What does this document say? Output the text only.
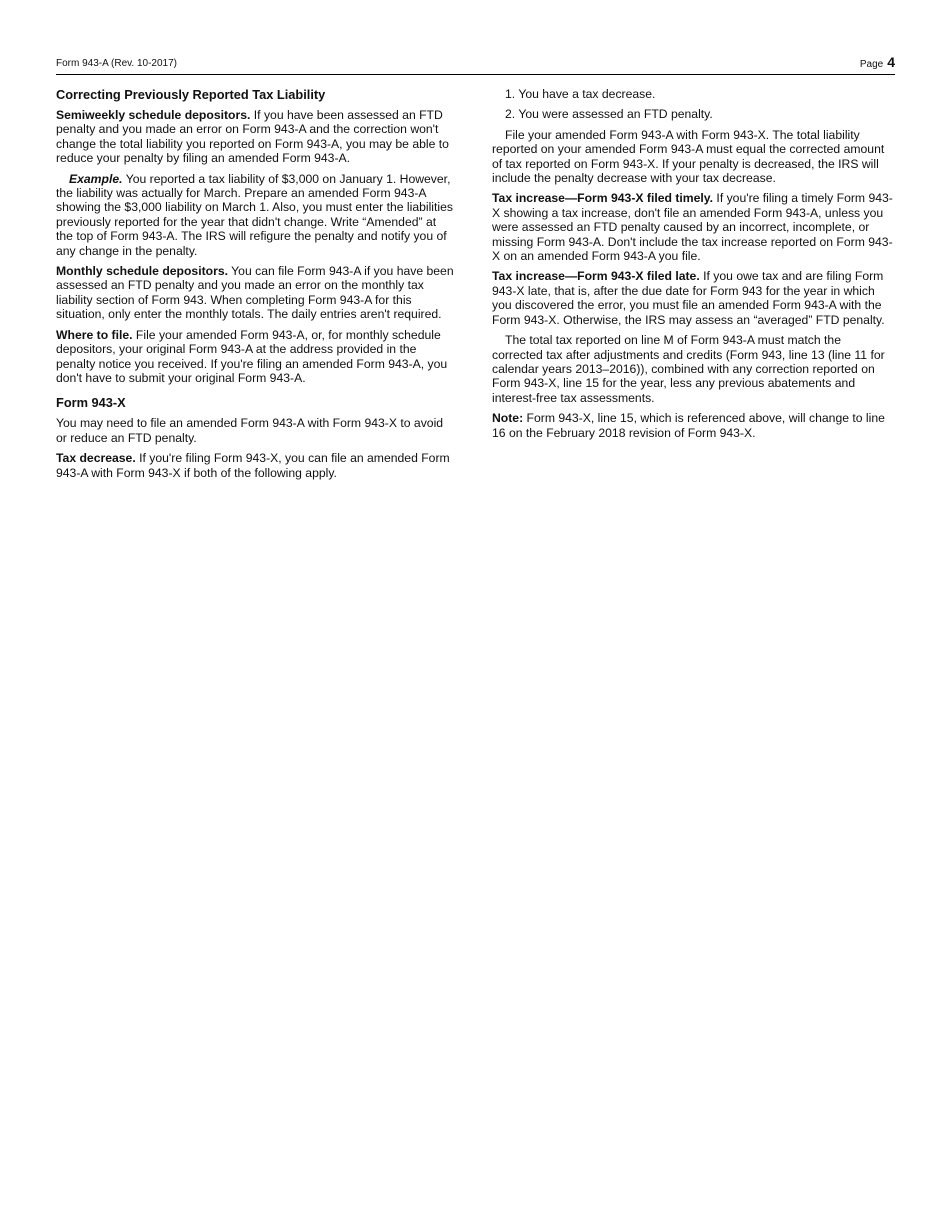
Form 943-A (Rev. 10-2017)	Page 4
Correcting Previously Reported Tax Liability

Semiweekly schedule depositors. If you have been assessed an FTD penalty and you made an error on Form 943-A and the correction won't change the total liability you reported on Form 943-A, you may be able to reduce your penalty by filing an amended Form 943-A.

Example. You reported a tax liability of $3,000 on January 1. However, the liability was actually for March. Prepare an amended Form 943-A showing the $3,000 liability on March 1. Also, you must enter the liabilities previously reported for the year that didn't change. Write “Amended” at the top of Form 943-A. The IRS will refigure the penalty and notify you of any change in the penalty.

Monthly schedule depositors. You can file Form 943-A if you have been assessed an FTD penalty and you made an error on the monthly tax liability section of Form 943. When completing Form 943-A for this situation, only enter the monthly totals. The daily entries aren't required.

Where to file. File your amended Form 943-A, or, for monthly schedule depositors, your original Form 943-A at the address provided in the penalty notice you received. If you're filing an amended Form 943-A, you don't have to submit your original Form 943-A.

Form 943-X

You may need to file an amended Form 943-A with Form 943-X to avoid or reduce an FTD penalty.

Tax decrease. If you're filing Form 943-X, you can file an amended Form 943-A with Form 943-X if both of the following apply.

1. You have a tax decrease.

2. You were assessed an FTD penalty.

File your amended Form 943-A with Form 943-X. The total liability reported on your amended Form 943-A must equal the corrected amount of tax reported on Form 943-X. If your penalty is decreased, the IRS will include the penalty decrease with your tax decrease.

Tax increase—Form 943-X filed timely. If you're filing a timely Form 943-X showing a tax increase, don't file an amended Form 943-A, unless you were assessed an FTD penalty caused by an incorrect, incomplete, or missing Form 943-A. Don't include the tax increase reported on Form 943-X on an amended Form 943-A you file.

Tax increase—Form 943-X filed late. If you owe tax and are filing Form 943-X late, that is, after the due date for Form 943 for the year in which you discovered the error, you must file an amended Form 943-A with the Form 943-X. Otherwise, the IRS may assess an “averaged” FTD penalty.

The total tax reported on line M of Form 943-A must match the corrected tax after adjustments and credits (Form 943, line 13 (line 11 for calendar years 2013–2016)), combined with any correction reported on Form 943-X, line 15 for the year, less any previous abatements and interest-free tax assessments.

Note: Form 943-X, line 15, which is referenced above, will change to line 16 on the February 2018 revision of Form 943-X.
